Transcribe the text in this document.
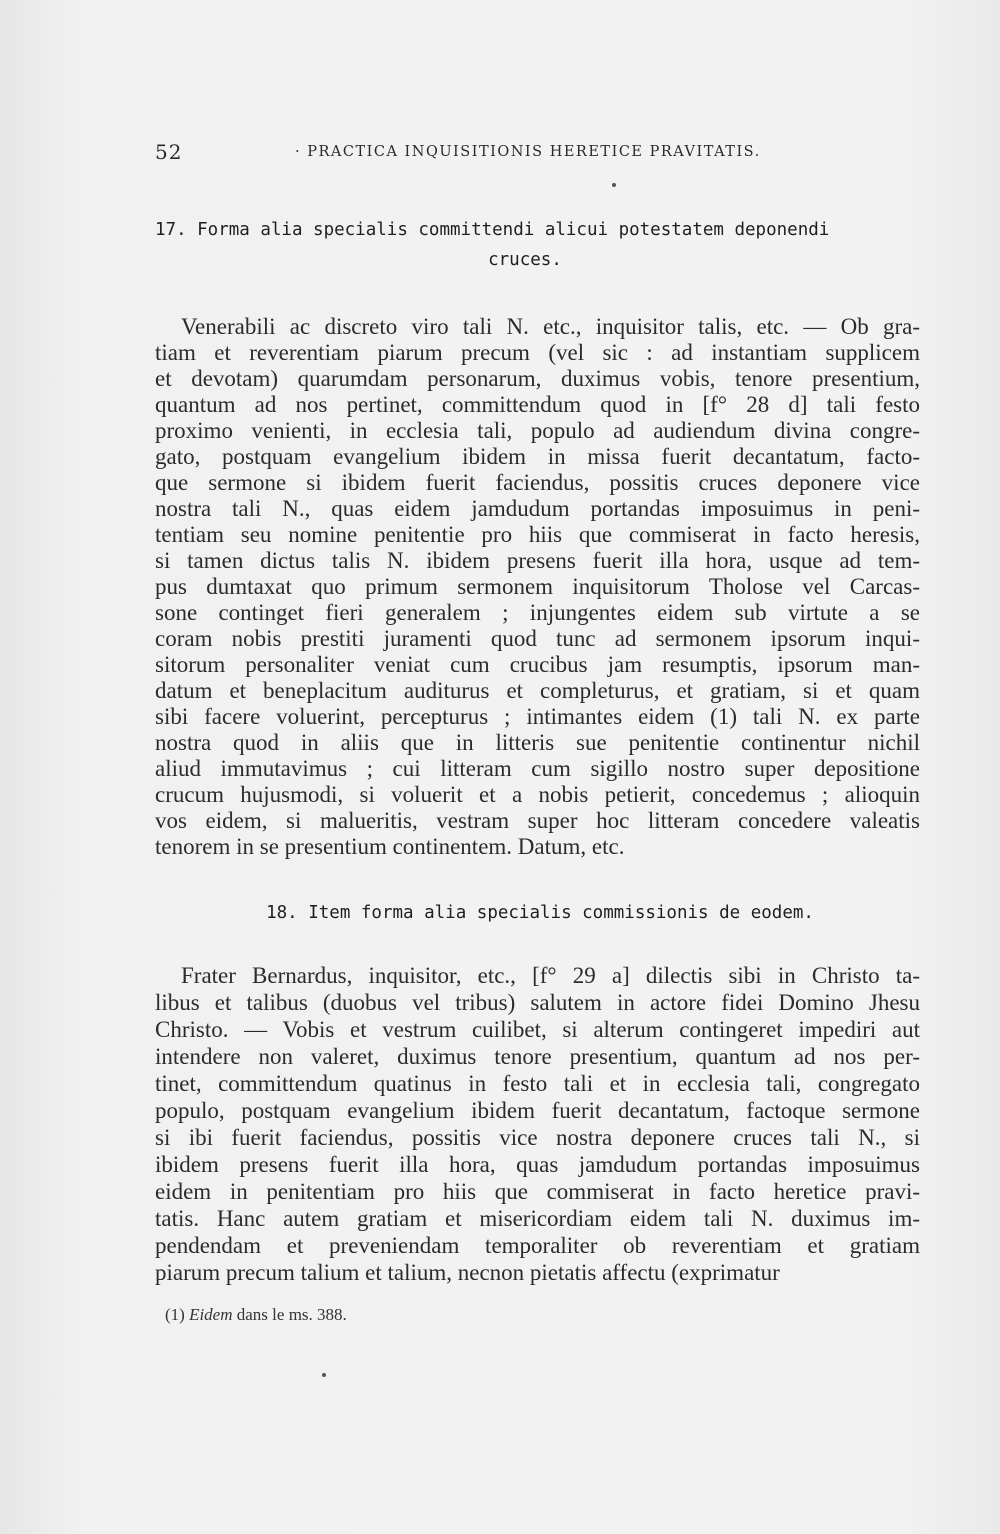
52	· PRACTICA INQUISITIONIS HERETICE PRAVITATIS.
17. Forma alia specialis committendi alicui potestatem deponendi
cruces.
Venerabili ac discreto viro tali N. etc., inquisitor talis, etc. — Ob gra-
tiam et reverentiam piarum precum (vel sic : ad instantiam supplicem
et devotam) quarumdam personarum, duximus vobis, tenore presentium,
quantum ad nos pertinet, committendum quod in [f° 28 d] tali festo
proximo venienti, in ecclesia tali, populo ad audiendum divina congre-
gato, postquam evangelium ibidem in missa fuerit decantatum, facto-
que sermone si ibidem fuerit faciendus, possitis cruces deponere vice
nostra tali N., quas eidem jamdudum portandas imposuimus in peni-
tentiam seu nomine penitentie pro hiis que commiserat in facto heresis,
si tamen dictus talis N. ibidem presens fuerit illa hora, usque ad tem-
pus dumtaxat quo primum sermonem inquisitorum Tholose vel Carcas-
sone continget fieri generalem ; injungentes eidem sub virtute a se
coram nobis prestiti juramenti quod tunc ad sermonem ipsorum inqui-
sitorum personaliter veniat cum crucibus jam resumptis, ipsorum man-
datum et beneplacitum auditurus et completurus, et gratiam, si et quam
sibi facere voluerint, percepturus ; intimantes eidem (1) tali N. ex parte
nostra quod in aliis que in litteris sue penitentie continentur nichil
aliud immutavimus ; cui litteram cum sigillo nostro super depositione
crucum hujusmodi, si voluerit et a nobis petierit, concedemus ; alioquin
vos eidem, si malueritis, vestram super hoc litteram concedere valeatis
tenorem in se presentium continentem. Datum, etc.
18. Item forma alia specialis commissionis de eodem.
Frater Bernardus, inquisitor, etc., [f° 29 a] dilectis sibi in Christo ta-
libus et talibus (duobus vel tribus) salutem in actore fidei Domino Jhesu
Christo. — Vobis et vestrum cuilibet, si alterum contingeret impediri aut
intendere non valeret, duximus tenore presentium, quantum ad nos per-
tinet, committendum quatinus in festo tali et in ecclesia tali, congregato
populo, postquam evangelium ibidem fuerit decantatum, factoque sermone
si ibi fuerit faciendus, possitis vice nostra deponere cruces tali N., si
ibidem presens fuerit illa hora, quas jamdudum portandas imposuimus
eidem in penitentiam pro hiis que commiserat in facto heretice pravi-
tatis. Hanc autem gratiam et misericordiam eidem tali N. duximus im-
pendendam et preveniendam temporaliter ob reverentiam et gratiam
piarum precum talium et talium, necnon pietatis affectu (exprimatur
(1) Eidem dans le ms. 388.
